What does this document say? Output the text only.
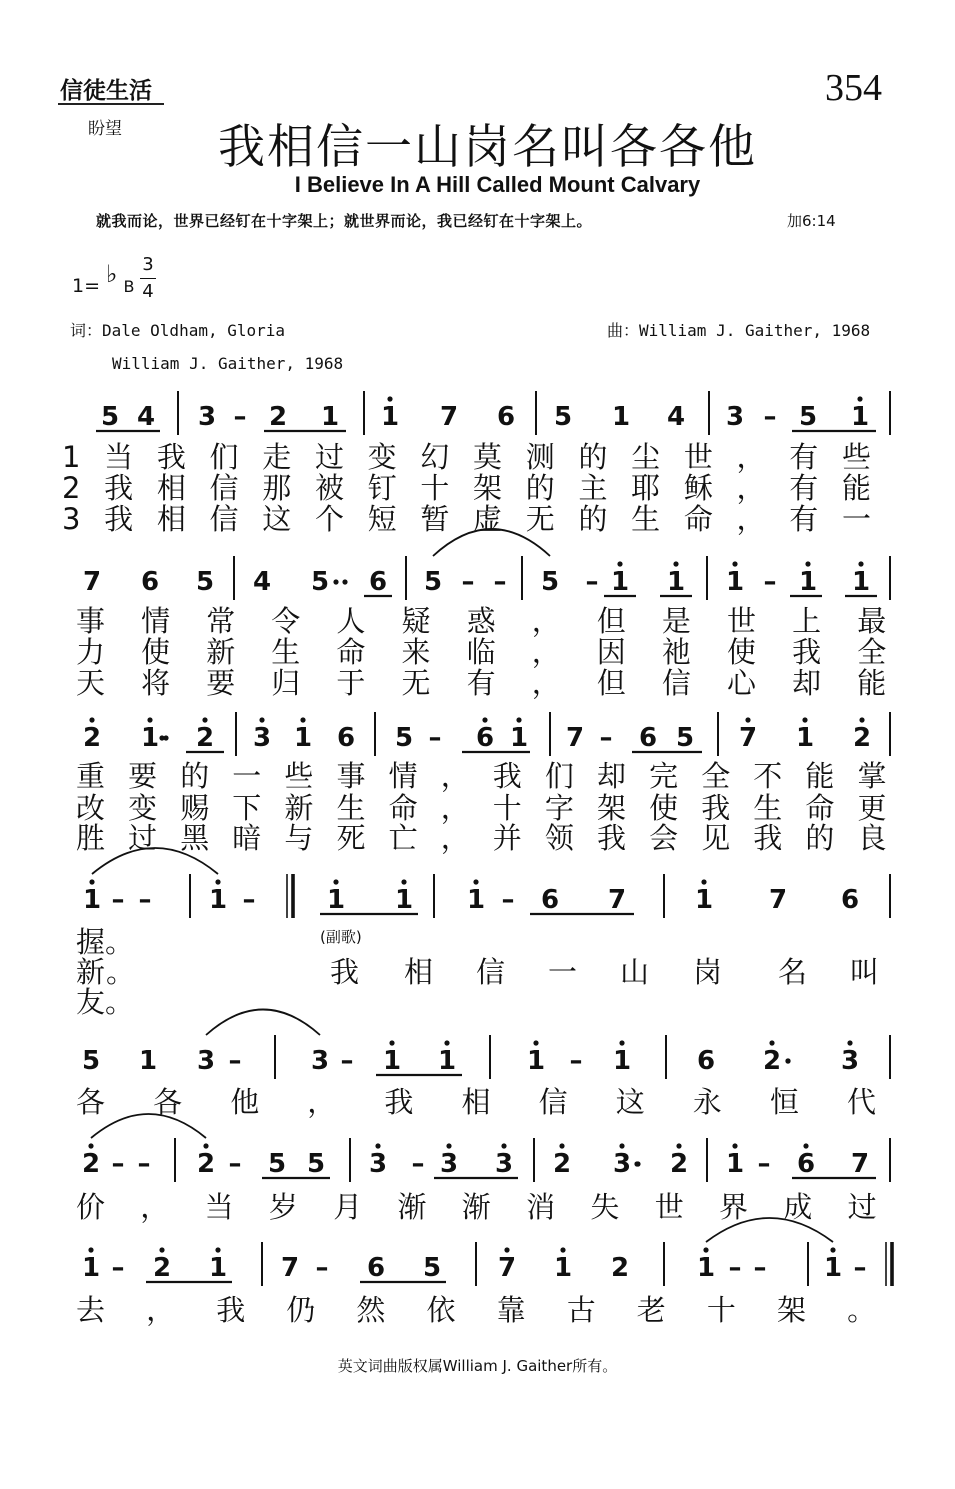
信徒生活
盼望
354
我相信一山岗名叫各各他
I Believe In A Hill Called Mount Calvary
就我而论，世界已经钉在十字架上；就世界而论，我已经钉在十字架上。	加6:14
1= ♭ B
3
4
词：Dale Oldham, Gloria
William J. Gaither, 1968
曲：William J. Gaither, 1968
5 4 3 – 2 1 1 7 6 5 1 4 3 – 5 1
1当我们走过变幻莫测的尘世，有些
2我相信那被钉十架的主耶稣，有能
3我相信这个短暂虚无的生命，有一
7 6 5 4 5 6 5 – – 5 – 1 1 1 – 1 1
事情常令人疑惑，但是世上最
力使新生命来临，因祂使我全
天将要归于无有，但信心却能
2 1 2 3 1 6 5 – 6 1 7 – 6 5 7 1 2
重要的一些事情，我们却完全不能掌
改变赐下新生命，十字架使我生命更
胜过黑暗与死亡，并领我会见我的良
1 – – 1 –	1 1 1 – 6 7	1 7 6
握。
新。	我 相 信 一 山 岗 名 叫
友。
5 1 3 –	3 – 1 1	1 – 1	6 2 3
各各他，我相信这永恒代
2 – – 2 – 5 5 3 – 3 3 2 3 2 1 – 6 7
价，当岁月渐渐消失世界成过
1 – 2 1 7 – 6 5 7 1 2	1 – – 1 –
去，我仍然依靠古老十架。
(副歌)
英文词曲版权属William J. Gaither所有。
